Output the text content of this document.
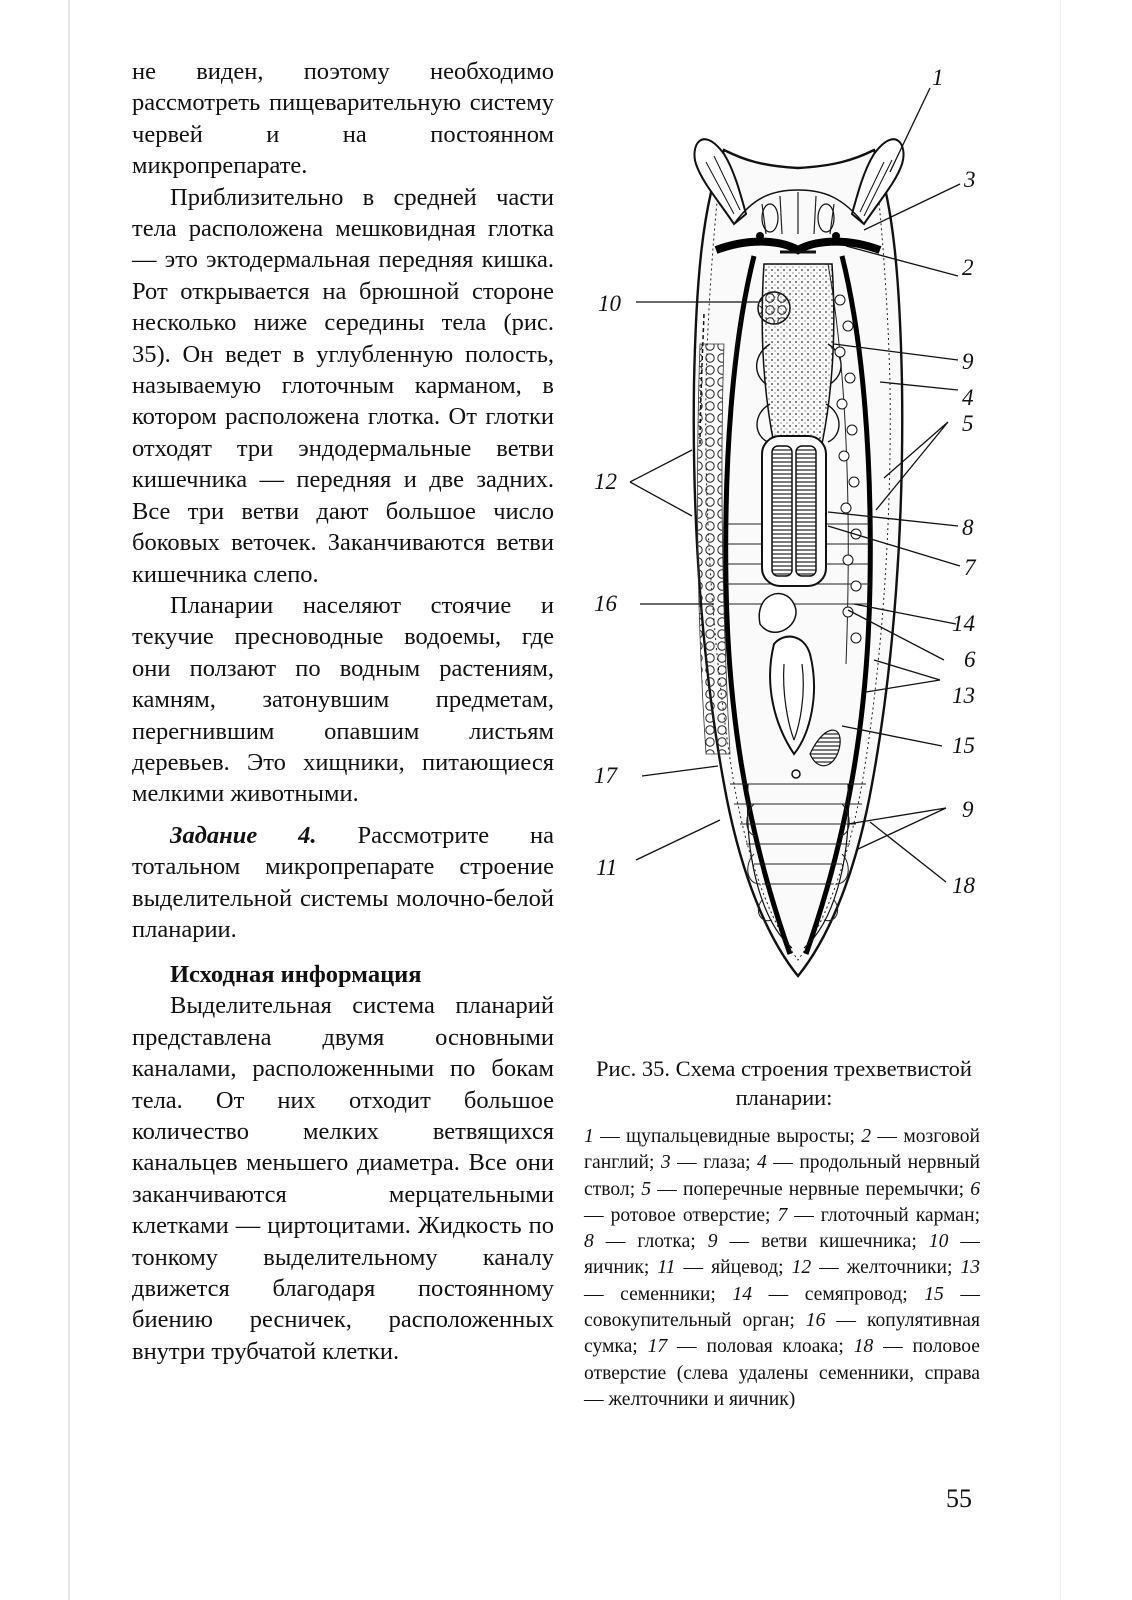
не виден, поэтому необходимо рассмотреть пищеварительную систему червей и на постоянном микропрепарате.

Приблизительно в средней части тела расположена мешковидная глотка — это эктодермальная передняя кишка. Рот открывается на брюшной стороне несколько ниже середины тела (рис. 35). Он ведет в углубленную полость, называемую глоточным карманом, в котором расположена глотка. От глотки отходят три эндодермальные ветви кишечника — передняя и две задних. Все три ветви дают большое число боковых веточек. Заканчиваются ветви кишечника слепо.

Планарии населяют стоячие и текучие пресноводные водоемы, где они ползают по водным растениям, камням, затонувшим предметам, перегнившим опавшим листьям деревьев. Это хищники, питающиеся мелкими животными.

Задание 4. Рассмотрите на тотальном микропрепарате строение выделительной системы молочно-белой планарии.

Исходная информация

Выделительная система планарий представлена двумя основными каналами, расположенными по бокам тела. От них отходит большое количество мелких ветвящихся канальцев меньшего диаметра. Все они заканчиваются мерцательными клетками — циртоцитами. Жидкость по тонкому выделительному каналу движется благодаря постоянному биению ресничек, расположенных внутри трубчатой клетки.

1
3
2
10
9
4
5
12
8
7
16
14
6
13
15
17
9
11
18

Рис. 35. Схема строения трехветвистой планарии:

1 — щупальцевидные выросты; 2 — мозговой ганглий; 3 — глаза; 4 — продольный нервный ствол; 5 — поперечные нервные перемычки; 6 — ротовое отверстие; 7 — глоточный карман; 8 — глотка; 9 — ветви кишечника; 10 — яичник; 11 — яйцевод; 12 — желточники; 13 — семенники; 14 — семяпровод; 15 — совокупительный орган; 16 — копулятивная сумка; 17 — половая клоака; 18 — половое отверстие (слева удалены семенники, справа — желточники и яичник)

55
